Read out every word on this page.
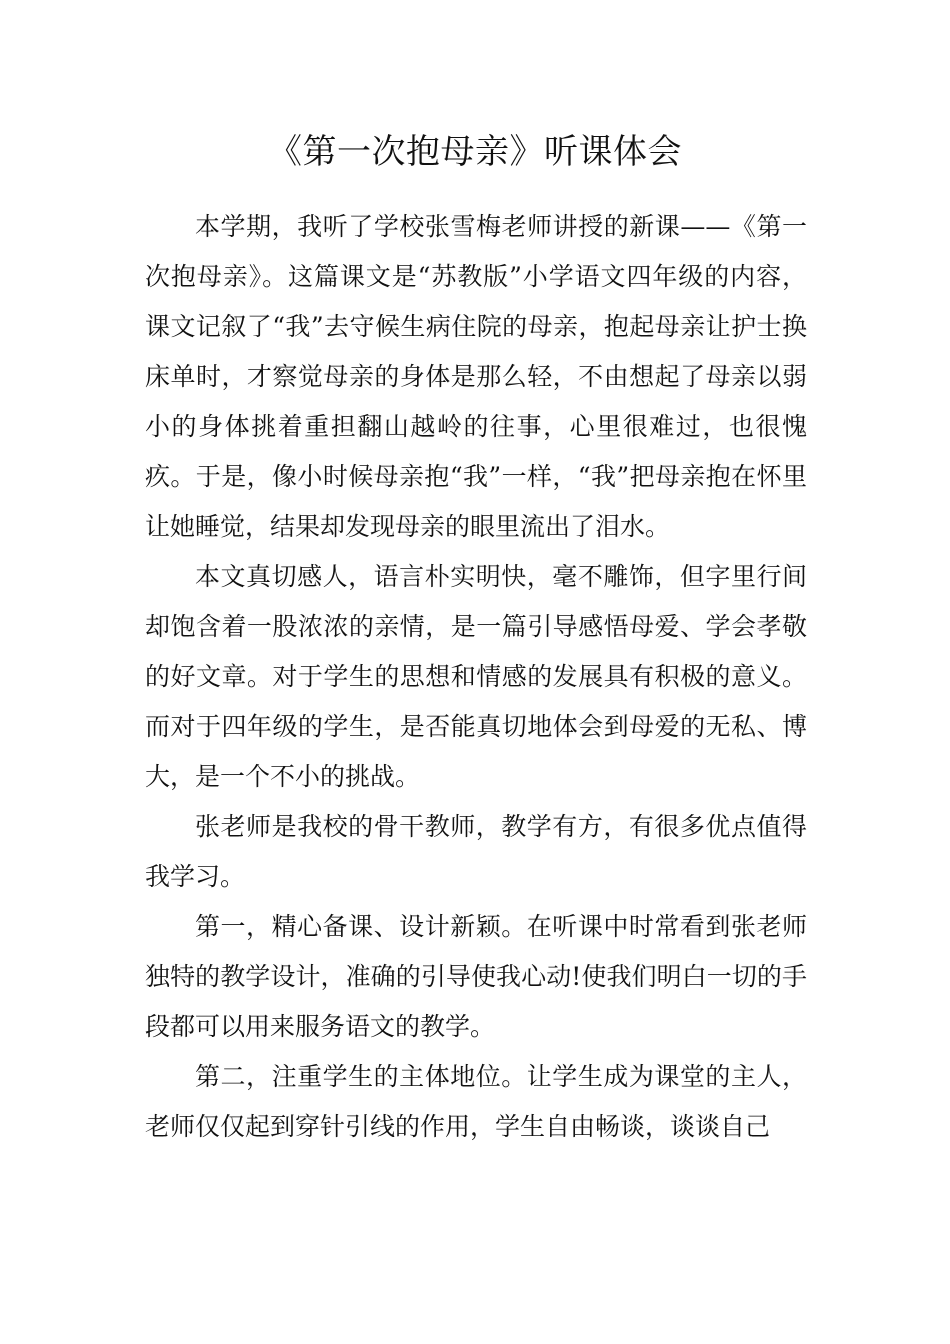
《第一次抱母亲》听课体会

本学期，我听了学校张雪梅老师讲授的新课——《第一次抱母亲》。这篇课文是“苏教版”小学语文四年级的内容，课文记叙了“我”去守候生病住院的母亲，抱起母亲让护士换床单时，才察觉母亲的身体是那么轻，不由想起了母亲以弱小的身体挑着重担翻山越岭的往事，心里很难过，也很愧疚。于是，像小时候母亲抱“我”一样，“我”把母亲抱在怀里让她睡觉，结果却发现母亲的眼里流出了泪水。

本文真切感人，语言朴实明快，毫不雕饰，但字里行间却饱含着一股浓浓的亲情，是一篇引导感悟母爱、学会孝敬的好文章。对于学生的思想和情感的发展具有积极的意义。而对于四年级的学生，是否能真切地体会到母爱的无私、博大，是一个不小的挑战。

张老师是我校的骨干教师，教学有方，有很多优点值得我学习。

第一，精心备课、设计新颖。在听课中时常看到张老师独特的教学设计，准确的引导使我心动!使我们明白一切的手段都可以用来服务语文的教学。

第二，注重学生的主体地位。让学生成为课堂的主人，老师仅仅起到穿针引线的作用，学生自由畅谈，谈谈自己
